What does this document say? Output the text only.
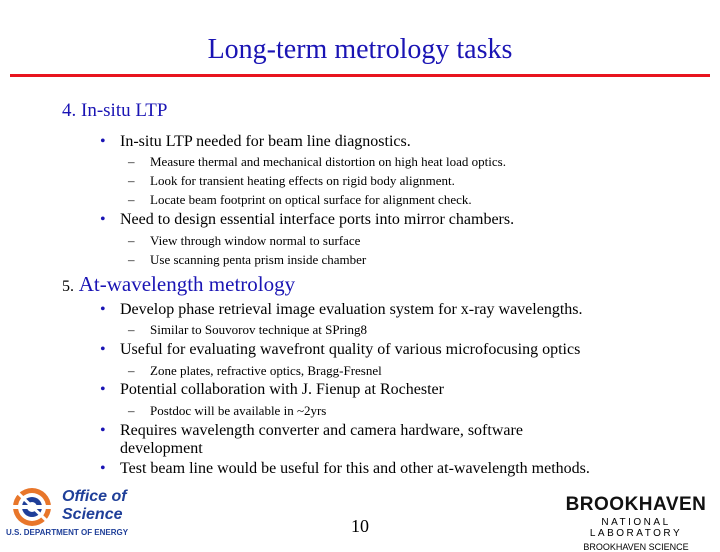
Long-term metrology tasks
4. In-situ LTP
• In-situ LTP needed for beam line diagnostics.
– Measure thermal and mechanical distortion on high heat load optics.
– Look for transient heating effects on rigid body alignment.
– Locate beam footprint on optical surface for alignment check.
• Need to design essential interface ports into mirror chambers.
– View through window normal to surface
– Use scanning penta prism inside chamber
5. At-wavelength metrology
• Develop phase retrieval image evaluation system for x-ray wavelengths.
– Similar to Souvorov technique at SPring8
• Useful for evaluating wavefront quality of various microfocusing optics
– Zone plates, refractive optics, Bragg-Fresnel
• Potential collaboration with J. Fienup at Rochester
– Postdoc will be available in ~2yrs
• Requires wavelength converter and camera hardware, software
development
• Test beam line would be useful for this and other at-wavelength methods.
Office of
Science
U.S. DEPARTMENT OF ENERGY	10
BROOKHAVEN
NATIONAL LABORATORY
BROOKHAVEN SCIENCE
